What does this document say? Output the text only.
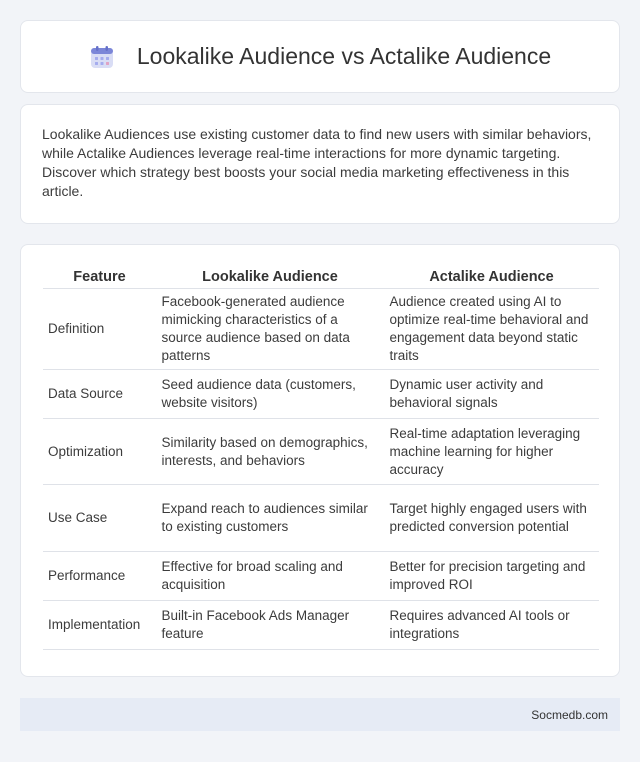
Lookalike Audience vs Actalike Audience

Lookalike Audiences use existing customer data to find new users with similar behaviors, while Actalike Audiences leverage real-time interactions for more dynamic targeting. Discover which strategy best boosts your social media marketing effectiveness in this article.

Feature	Lookalike Audience	Actalike Audience
Definition	Facebook-generated audience mimicking characteristics of a source audience based on data patterns	Audience created using AI to optimize real-time behavioral and engagement data beyond static traits
Data Source	Seed audience data (customers, website visitors)	Dynamic user activity and behavioral signals
Optimization	Similarity based on demographics, interests, and behaviors	Real-time adaptation leveraging machine learning for higher accuracy
Use Case	Expand reach to audiences similar to existing customers	Target highly engaged users with predicted conversion potential
Performance	Effective for broad scaling and acquisition	Better for precision targeting and improved ROI
Implementation	Built-in Facebook Ads Manager feature	Requires advanced AI tools or integrations
Socmedb.com
